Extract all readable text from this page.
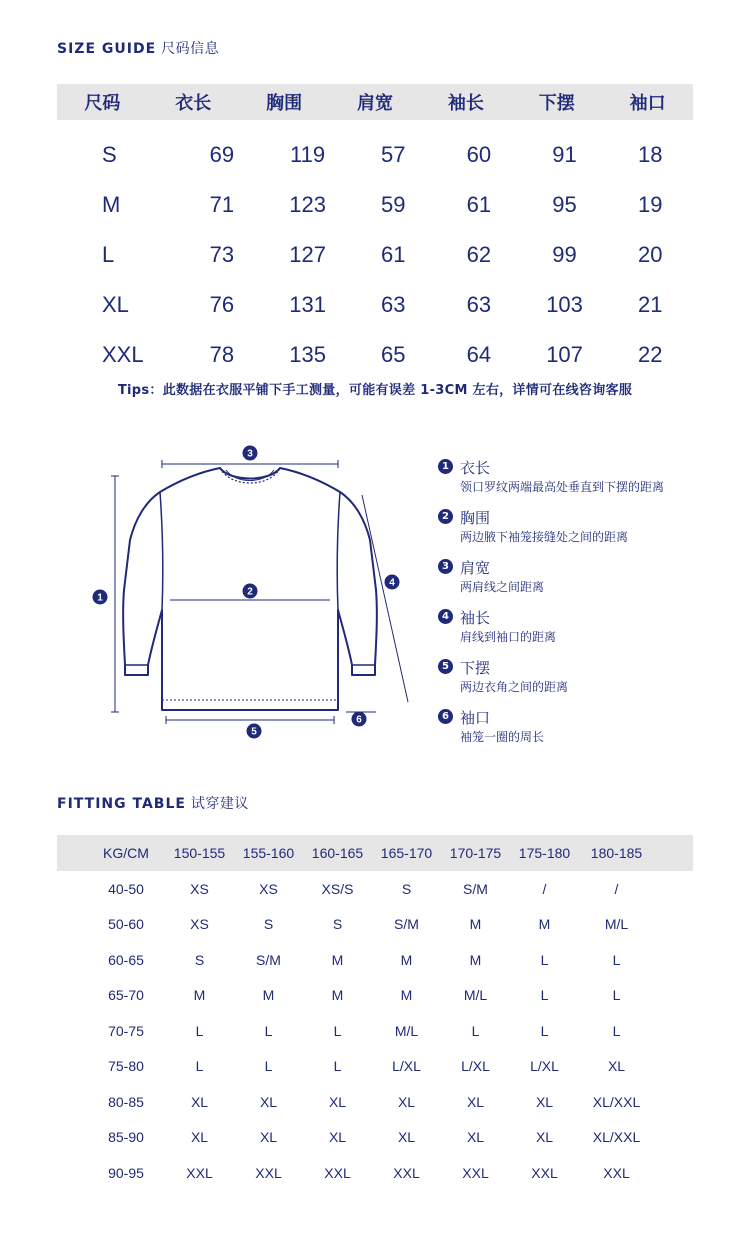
SIZE GUIDE 尺码信息
尺码	衣长	胸围	肩宽	袖长	下摆	袖口
S	69	119	57	60	91	18
M	71	123	59	61	95	19
L	73	127	61	62	99	20
XL	76	131	63	63	103	21
XXL	78	135	65	64	107	22
Tips：此数据在衣服平铺下手工测量，可能有误差 1-3CM 左右，详情可在线咨询客服
3
1
2
4
5
6
1 衣长
领口罗纹两端最高处垂直到下摆的距离
2 胸围
两边腋下袖笼接缝处之间的距离
3 肩宽
两肩线之间距离
4 袖长
肩线到袖口的距离
5 下摆
两边衣角之间的距离
6 袖口
袖笼一圈的周长
FITTING TABLE 试穿建议
KG/CM	150-155	155-160	160-165	165-170	170-175	175-180	180-185
40-50	XS	XS	XS/S	S	S/M	/	/
50-60	XS	S	S	S/M	M	M	M/L
60-65	S	S/M	M	M	M	L	L
65-70	M	M	M	M	M/L	L	L
70-75	L	L	L	M/L	L	L	L
75-80	L	L	L	L/XL	L/XL	L/XL	XL
80-85	XL	XL	XL	XL	XL	XL	XL/XXL
85-90	XL	XL	XL	XL	XL	XL	XL/XXL
90-95	XXL	XXL	XXL	XXL	XXL	XXL	XXL
